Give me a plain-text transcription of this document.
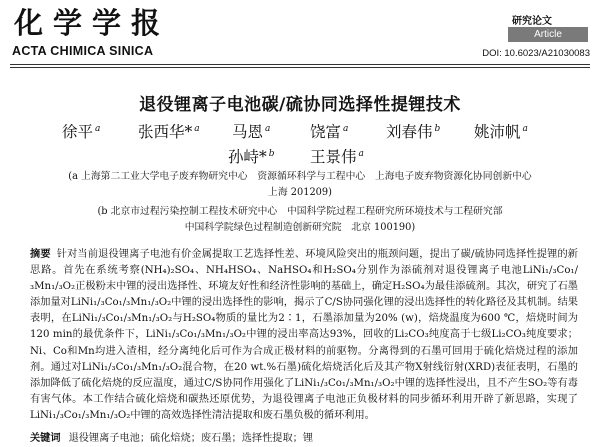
化学学报
ACTA CHIMICA SINICA
研究论文
Article
DOI: 10.6023/A21030083
退役锂离子电池碳/硫协同选择性提锂技术
徐平 $^a$ 张西华* $^a$ 马恩 $^a$	饶富 $^a$ 刘春伟 $^b$ 姚沛帆 $^a$
孙峙* $^b$ 王景伟 $^a$
(a 上海第二工业大学电子废弃物研究中心　资源循环科学与工程中心　上海电子废弃物资源化协同创新中心
上海 201209)
(b 北京市过程污染控制工程技术研究中心　中国科学院过程工程研究所环境技术与工程研究部
中国科学院绿色过程制造创新研究院　北京 100190)
摘要 针对当前退役锂离子电池有价金属提取工艺选择性差、环境风险突出的瓶颈问题，提出了碳/硫协同选择性提锂的新思路。首先在系统考察(NH₄)₂SO₄、NH₄HSO₄、NaHSO₄和H₂SO₄分别作为添硫剂对退役锂离子电池LiNi₁/₃Co₁/₃Mn₁/₃O₂正极粉末中锂的浸出选择性、环境友好性和经济性影响的基础上，确定H₂SO₄为最佳添硫剂。其次，研究了石墨添加量对LiNi₁/₃Co₁/₃Mn₁/₃O₂中锂的浸出选择性的影响，揭示了C/S协同强化锂的浸出选择性的转化路径及其机制。结果表明，在LiNi₁/₃Co₁/₃Mn₁/₃O₂与H₂SO₄物质的量比为2∶1，石墨添加量为20% (w)，焙烧温度为600 ℃，焙烧时间为120 min的最优条件下，LiNi₁/₃Co₁/₃Mn₁/₃O₂中锂的浸出率高达93%，回收的Li₂CO₃纯度高于七级Li₂CO₃纯度要求；Ni、Co和Mn均进入渣相，经分离纯化后可作为合成正极材料的前驱物。分离得到的石墨可回用于硫化焙烧过程的添加剂。通过对LiNi₁/₃Co₁/₃Mn₁/₃O₂混合物，在20 wt.%石墨)硫化焙烧活化后及其产物X射线衍射(XRD)表征表明，石墨的添加降低了硫化焙烧的反应温度，通过C/S协同作用强化了LiNi₁/₃Co₁/₃Mn₁/₃O₂中锂的选择性浸出，且不产生SO₂等有毒有害气体。本工作结合硫化焙烧和碳热还原优势，为退役锂离子电池正负极材料的同步循环利用开辟了新思路，实现了LiNi₁/₃Co₁/₃Mn₁/₃O₂中锂的高效选择性清洁提取和废石墨负极的循环利用。
关键词 退役锂离子电池；硫化焙烧；废石墨；选择性提取；锂
